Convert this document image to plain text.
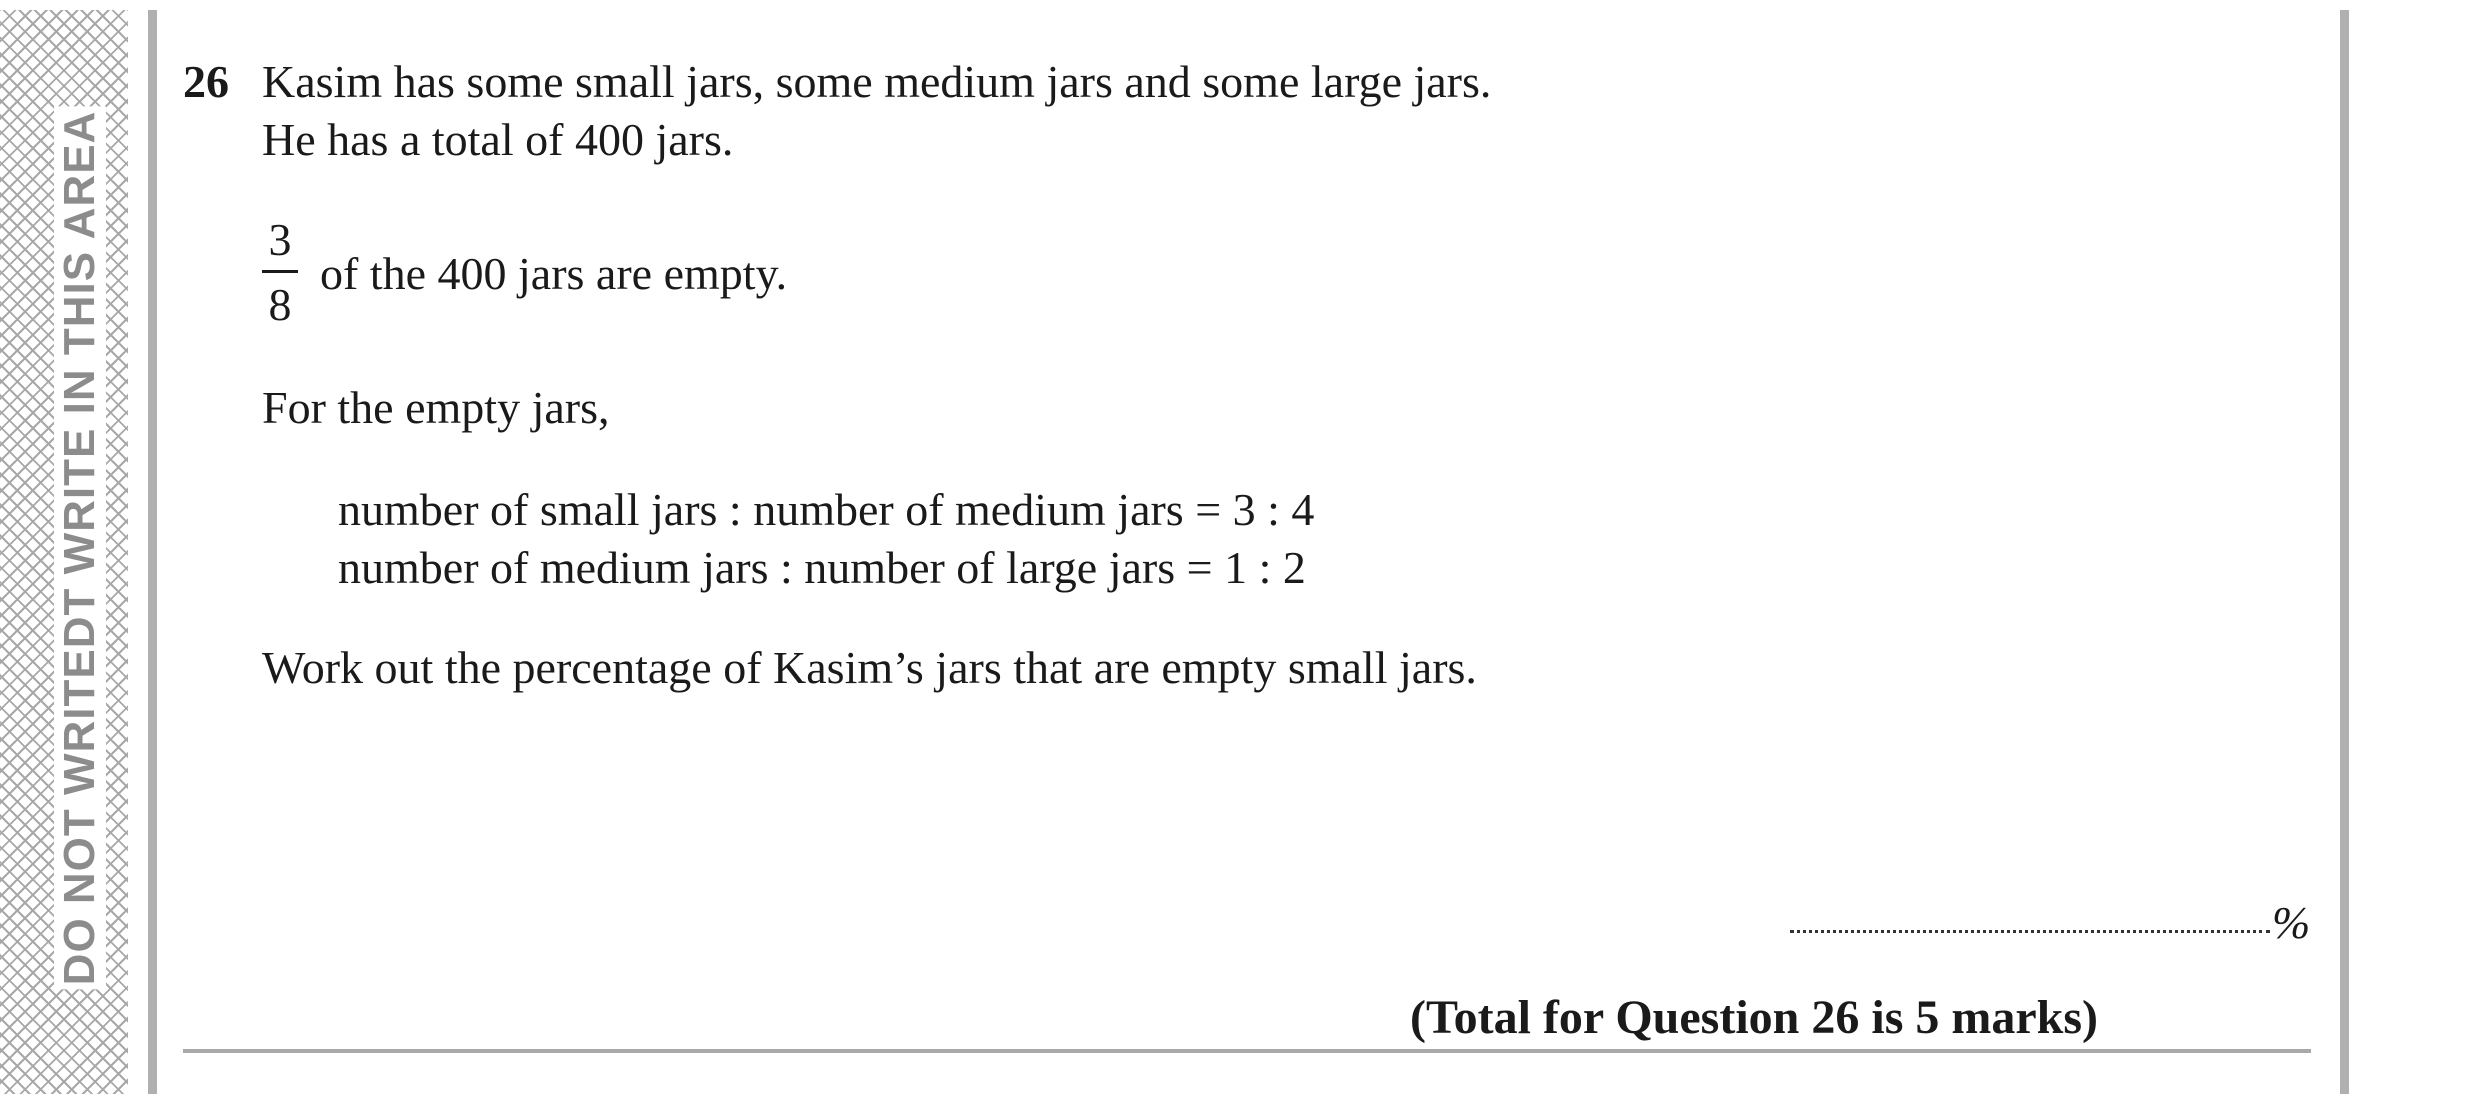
DO NOT WRITEDT WRITE IN THIS AREA
26 Kasim has some small jars, some medium jars and some large jars.
He has a total of 400 jars.
3
8
of the 400 jars are empty.
For the empty jars,
number of small jars : number of medium jars = 3 : 4
number of medium jars : number of large jars = 1 : 2
Work out the percentage of Kasim’s jars that are empty small jars.
%
(Total for Question 26 is 5 marks)
